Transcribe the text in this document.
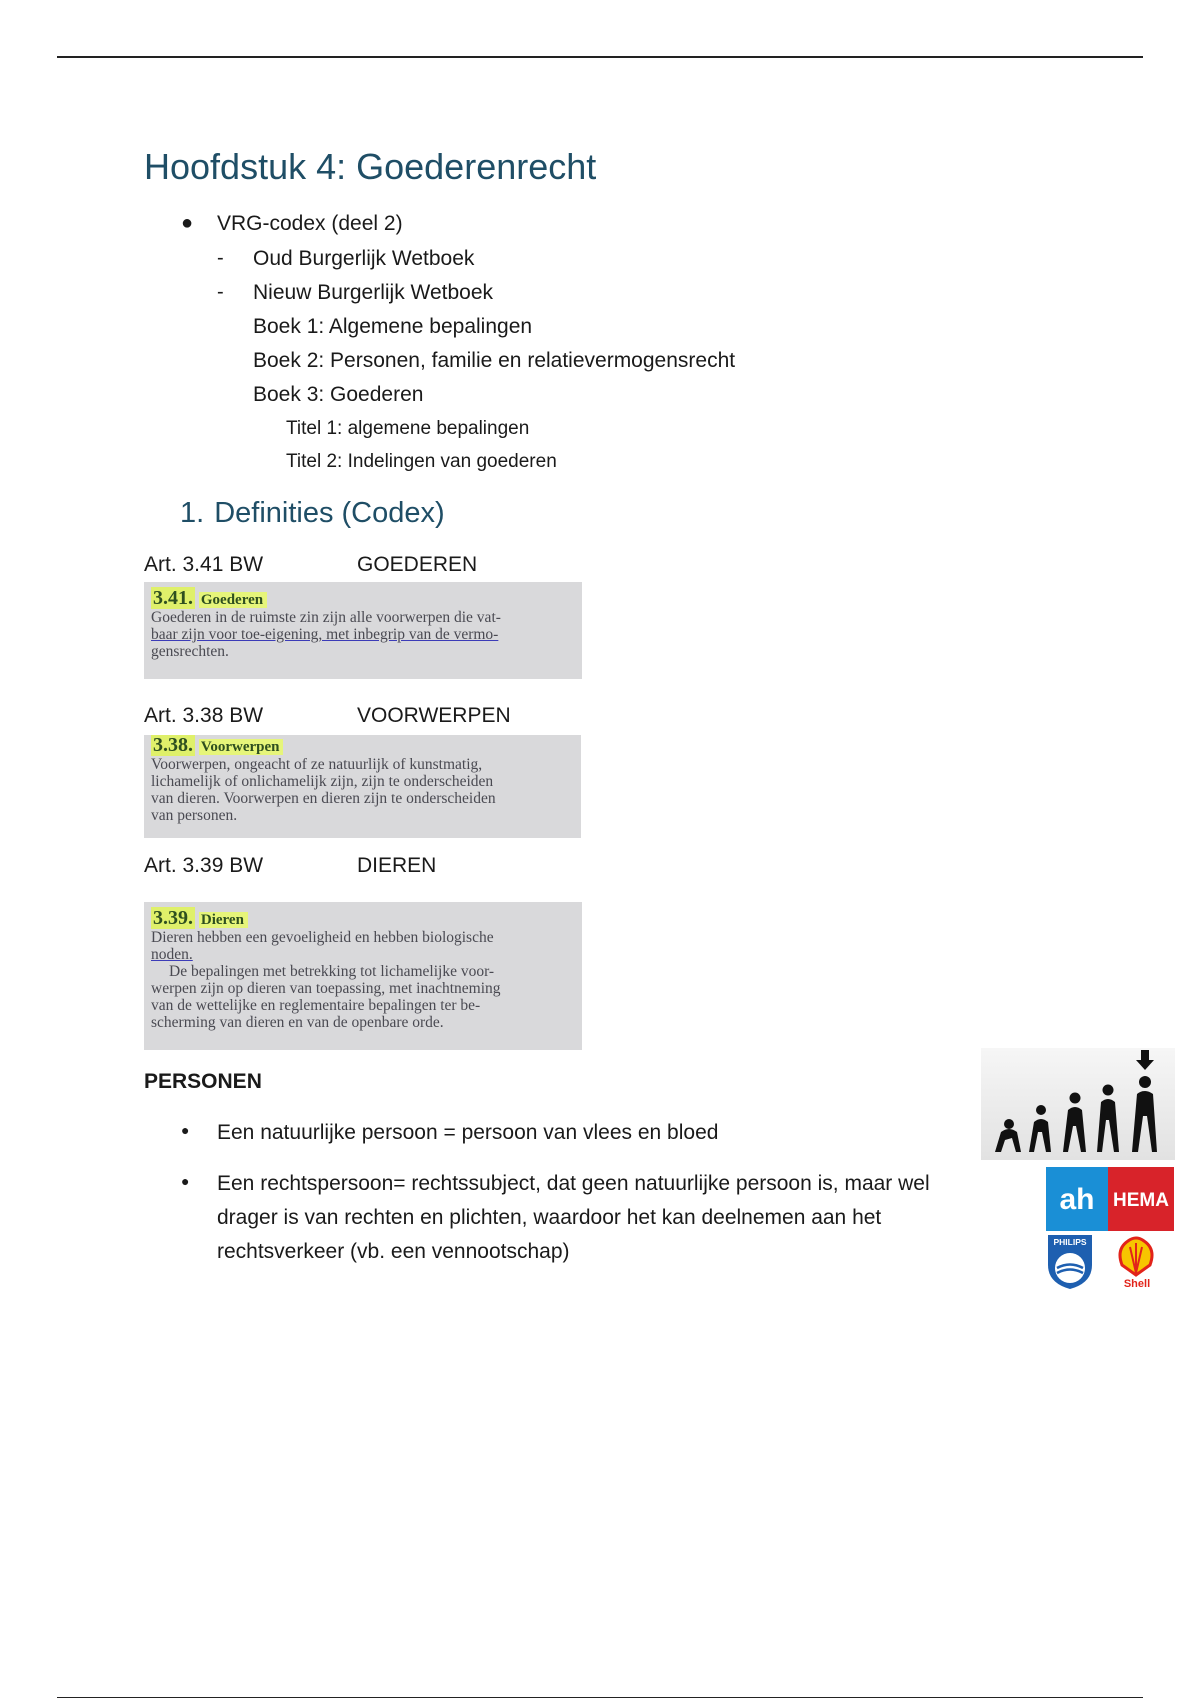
Hoofdstuk 4: Goederenrecht
● VRG-codex (deel 2)
- Oud Burgerlijk Wetboek
- Nieuw Burgerlijk Wetboek
Boek 1: Algemene bepalingen
Boek 2: Personen, familie en relatievermogensrecht
Boek 3: Goederen
Titel 1: algemene bepalingen
Titel 2: Indelingen van goederen
1. Definities (Codex)
Art. 3.41 BW	GOEDEREN
3.41. Goederen

Goederen in de ruimste zin zijn alle voorwerpen die vat-

baar zijn voor toe-eigening, met inbegrip van de vermo-

gensrechten.

Art. 3.38 BW	VOORWERPEN
3.38. Voorwerpen

Voorwerpen, ongeacht of ze natuurlijk of kunstmatig,

lichamelijk of onlichamelijk zijn, zijn te onderscheiden

van dieren. Voorwerpen en dieren zijn te onderscheiden

van personen.

Art. 3.39 BW	DIEREN
3.39. Dieren

Dieren hebben een gevoeligheid en hebben biologische

noden.

De bepalingen met betrekking tot lichamelijke voor-

werpen zijn op dieren van toepassing, met inachtneming

van de wettelijke en reglementaire bepalingen ter be-

scherming van dieren en van de openbare orde.

PERSONEN
● Een natuurlijke persoon = persoon van vlees en bloed
● Een rechtspersoon= rechtssubject, dat geen natuurlijke persoon is, maar wel
drager is van rechten en plichten, waardoor het kan deelnemen aan het
rechtsverkeer (vb. een vennootschap)
ah HEMA
PHILIPS
Shell
